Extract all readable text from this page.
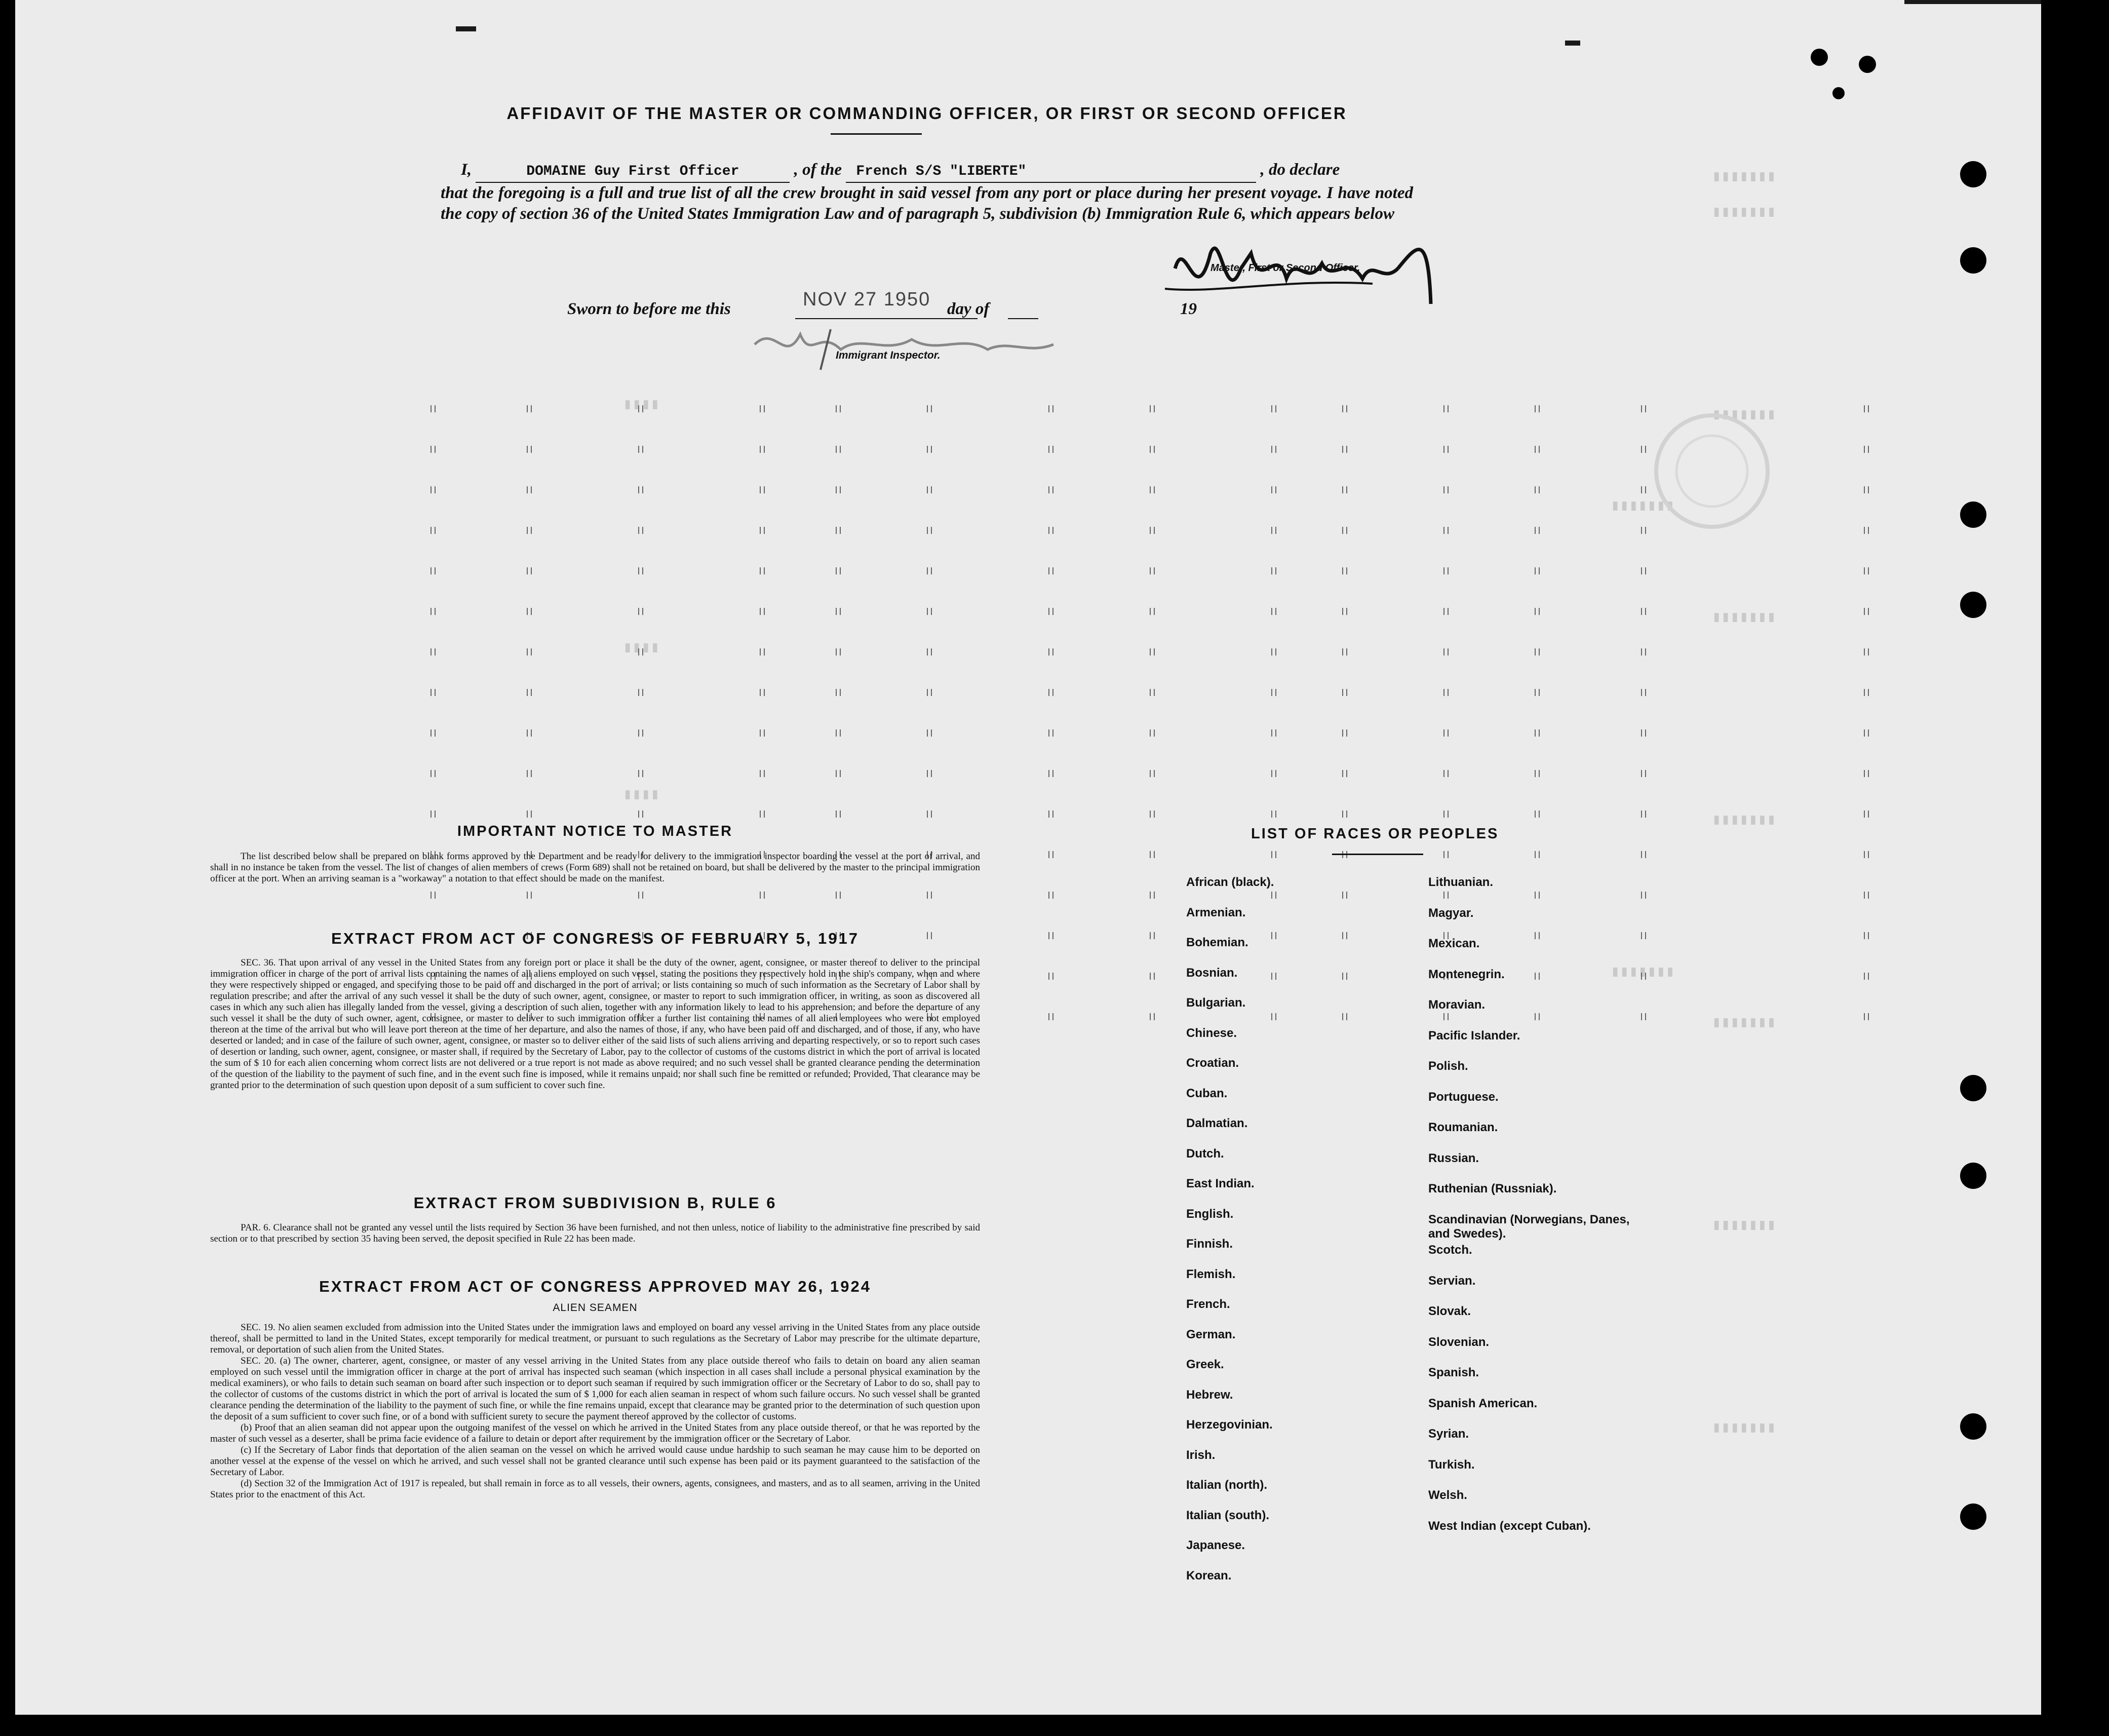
▮▮▮▮▮▮▮
▮▮▮▮▮▮▮
▮▮▮▮▮▮▮
▮▮▮▮▮▮▮
▮▮▮▮▮▮▮
▮▮▮▮▮▮▮
▮▮▮▮▮▮▮
▮▮▮▮▮▮▮
▮▮▮▮▮▮▮
▮▮▮▮▮▮▮
▮▮▮▮
▮▮▮▮
▮▮▮▮
AFFIDAVIT OF THE MASTER OR COMMANDING OFFICER, OR FIRST OR SECOND OFFICER
I,	DOMAINE Guy First Officer	, of the French S/S "LIBERTE"	, do declare
that the foregoing is a full and true list of all the crew brought in said vessel from any port or place during her present voyage. I have noted the copy of section 36 of the United States Immigration Law and of paragraph 5, subdivision (b) Immigration Rule 6, which appears below
Master, First or Second Officer.
Sworn to before me this	NOV 27 1950 day of	19
Immigrant Inspector.
IMPORTANT NOTICE TO MASTER
The list described below shall be prepared on blank forms approved by the Department and be ready for delivery to the immigration inspector boarding the vessel at the port of arrival, and shall in no instance be taken from the vessel. The list of changes of alien members of crews (Form 689) shall not be retained on board, but shall be delivered by the master to the principal immigration officer at the port. When an arriving seaman is a "workaway" a notation to that effect should be made on the manifest.
EXTRACT FROM ACT OF CONGRESS OF FEBRUARY 5, 1917
SEC. 36. That upon arrival of any vessel in the United States from any foreign port or place it shall be the duty of the owner, agent, consignee, or master thereof to deliver to the principal immigration officer in charge of the port of arrival lists containing the names of all aliens employed on such vessel, stating the positions they respectively hold in the ship's company, when and where they were respectively shipped or engaged, and specifying those to be paid off and discharged in the port of arrival; or lists containing so much of such information as the Secretary of Labor shall by regulation prescribe; and after the arrival of any such vessel it shall be the duty of such owner, agent, consignee, or master to report to such immigration officer, in writing, as soon as discovered all cases in which any such alien has illegally landed from the vessel, giving a description of such alien, together with any information likely to lead to his apprehension; and before the departure of any such vessel it shall be the duty of such owner, agent, consignee, or master to deliver to such immigration officer a further list containing the names of all alien employees who were not employed thereon at the time of the arrival but who will leave port thereon at the time of her departure, and also the names of those, if any, who have been paid off and discharged, and of those, if any, who have deserted or landed; and in case of the failure of such owner, agent, consignee, or master so to deliver either of the said lists of such aliens arriving and departing respectively, or so to report such cases of desertion or landing, such owner, agent, consignee, or master shall, if required by the Secretary of Labor, pay to the collector of customs of the customs district in which the port of arrival is located the sum of $ 10 for each alien concerning whom correct lists are not delivered or a true report is not made as above required; and no such vessel shall be granted clearance pending the determination of the question of the liability to the payment of such fine, and in the event such fine is imposed, while it remains unpaid; nor shall such fine be remitted or refunded; Provided, That clearance may be granted prior to the determination of such question upon deposit of a sum sufficient to cover such fine.
EXTRACT FROM SUBDIVISION B, RULE 6
PAR. 6. Clearance shall not be granted any vessel until the lists required by Section 36 have been furnished, and not then unless, notice of liability to the administrative fine prescribed by said section or to that prescribed by section 35 having been served, the deposit specified in Rule 22 has been made.
EXTRACT FROM ACT OF CONGRESS APPROVED MAY 26, 1924
ALIEN SEAMEN
SEC. 19. No alien seamen excluded from admission into the United States under the immigration laws and employed on board any vessel arriving in the United States from any place outside thereof, shall be permitted to land in the United States, except temporarily for medical treatment, or pursuant to such regulations as the Secretary of Labor may prescribe for the ultimate departure, removal, or deportation of such alien from the United States.
SEC. 20. (a) The owner, charterer, agent, consignee, or master of any vessel arriving in the United States from any place outside thereof who fails to detain on board any alien seaman employed on such vessel until the immigration officer in charge at the port of arrival has inspected such seaman (which inspection in all cases shall include a personal physical examination by the medical examiners), or who fails to detain such seaman on board after such inspection or to deport such seaman if required by such immigration officer or the Secretary of Labor to do so, shall pay to the collector of customs of the customs district in which the port of arrival is located the sum of $ 1,000 for each alien seaman in respect of whom such failure occurs. No such vessel shall be granted clearance pending the determination of the liability to the payment of such fine, or while the fine remains unpaid, except that clearance may be granted prior to the determination of such question upon the deposit of a sum sufficient to cover such fine, or of a bond with sufficient surety to secure the payment thereof approved by the collector of customs.
(b) Proof that an alien seaman did not appear upon the outgoing manifest of the vessel on which he arrived in the United States from any place outside thereof, or that he was reported by the master of such vessel as a deserter, shall be prima facie evidence of a failure to detain or deport after requirement by the immigration officer or the Secretary of Labor.
(c) If the Secretary of Labor finds that deportation of the alien seaman on the vessel on which he arrived would cause undue hardship to such seaman he may cause him to be deported on another vessel at the expense of the vessel on which he arrived, and such vessel shall not be granted clearance until such expense has been paid or its payment guaranteed to the satisfaction of the Secretary of Labor.
(d) Section 32 of the Immigration Act of 1917 is repealed, but shall remain in force as to all vessels, their owners, agents, consignees, and masters, and as to all seamen, arriving in the United States prior to the enactment of this Act.
LIST OF RACES OR PEOPLES
African (black).
Armenian.
Bohemian.
Bosnian.
Bulgarian.
Chinese.
Croatian.
Cuban.
Dalmatian.
Dutch.
East Indian.
English.
Finnish.
Flemish.
French.
German.
Greek.
Hebrew.
Herzegovinian.
Irish.
Italian (north).
Italian (south).
Japanese.
Korean.
Lithuanian.
Magyar.
Mexican.
Montenegrin.
Moravian.
Pacific Islander.
Polish.
Portuguese.
Roumanian.
Russian.
Ruthenian (Russniak).
Scandinavian (Norwegians, Danes, and Swedes).
Scotch.
Servian.
Slovak.
Slovenian.
Spanish.
Spanish American.
Syrian.
Turkish.
Welsh.
West Indian (except Cuban).
